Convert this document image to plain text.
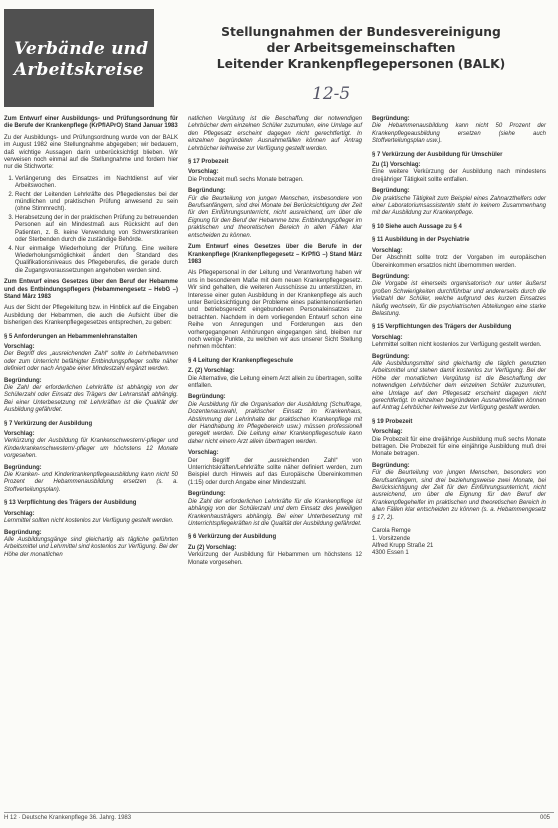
Verbände und
Arbeitskreise
Stellungnahmen der Bundesvereinigung
der Arbeitsgemeinschaften
Leitender Krankenpflegepersonen (BALK)
12-5

Zum Entwurf einer Ausbildungs- und Prüfungsordnung für die Berufe der Krankenpflege (KrPflAPrO) Stand Januar 1983

Zu der Ausbildungs- und Prüfungsordnung wurde von der BALK im August 1982 eine Stellungnahme abgegeben; wir bedauern, daß wichtige Aussagen darin unberücksichtigt blieben. Wir verweisen noch einmal auf die Stellungnahme und fordern hier nur die Stichworte:

1. Verlängerung des Einsatzes im Nachtdienst auf vier Arbeitswochen.
2. Recht der Leitenden Lehrkräfte des Pflegedienstes bei der mündlichen und praktischen Prüfung anwesend zu sein (ohne Stimmrecht).
3. Herabsetzung der in der praktischen Prüfung zu betreuenden Personen auf ein Mindestmaß aus Rücksicht auf den Patienten, z. B. keine Verwendung von Schwerstkranken oder Sterbenden durch die zuständige Behörde.
4. Nur einmalige Wiederholung der Prüfung. Eine weitere Wiederholungsmöglichkeit ändert den Standard des Qualifikationsniveaus des Pflegeberufes, die gerade durch die Zugangsvoraussetzungen angehoben werden sind.

Zum Entwurf eines Gesetzes über den Beruf der Hebamme und des Entbindungspflegers (Hebammengesetz – HebG –) Stand März 1983

Aus der Sicht der Pflegeleitung bzw. in Hinblick auf die Eingaben Ausbildung der Hebammen, die auch die Aufsicht über die bisherigen des Krankenpflegegesetzes entsprechen, zu geben:

§ 5 Anforderungen an Hebammenlehranstalten

Vorschlag:

Der Begriff des „ausreichenden Zahl“ sollte in Lehrhebammen oder zum Unterricht befähigter Entbindungspfleger sollte näher definiert oder nach Angabe einer Mindestzahl ergänzt werden.

Begründung:

Die Zahl der erforderlichen Lehrkräfte ist abhängig von der Schülerzahl oder Einsatz des Trägers der Lehranstalt abhängig. Bei einer Unterbesetzung mit Lehrkräften ist die Qualität der Ausbildung gefährdet.

§ 7 Verkürzung der Ausbildung

Vorschlag:

Verkürzung der Ausbildung für Krankenschwestern/-pfleger und Kinderkrankenschwestern/-pfleger um höchstens 12 Monate vorgesehen.

Begründung:

Die Kranken- und Kinderkrankenpflegeausbildung kann nicht 50 Prozent der Hebammenausbildung ersetzen (s. a. Stoffverteilungsplan).

§ 13 Verpflichtung des Trägers der Ausbildung

Vorschlag:

Lernmittel sollten nicht kostenlos zur Verfügung gestellt werden.

Begründung:

Alle Ausbildungsgänge sind gleichartig als tägliche geführten Arbeitsmittel und Lehrmittel sind kostenlos zur Verfügung. Bei der Höhe der monatlichen

natlichen Vergütung ist die Beschaffung der notwendigen Lehrbücher dem einzelnen Schüler zuzumuten, eine Umlage auf den Pflegesatz erscheint dagegen nicht gerechtfertigt. In einzelnen begründeten Ausnahmefällen können auf Antrag Lehrbücher leihweise zur Verfügung gestellt werden.

§ 17 Probezeit

Vorschlag:

Die Probezeit muß sechs Monate betragen.

Begründung:

Für die Beurteilung von jungen Menschen, insbesondere von Berufsanfängern, sind drei Monate bei Berücksichtigung der Zeit für den Einführungsunterricht, nicht ausreichend, um über die Eignung für den Beruf der Hebamme bzw. Entbindungspfleger im praktischen und theoretischen Bereich in allen Fällen klar entscheiden zu können.

Zum Entwurf eines Gesetzes über die Berufe in der Krankenpflege (Krankenpflegegesetz – KrPflG –) Stand März 1983

Als Pflegepersonal in der Leitung und Verantwortung haben wir uns in besonderem Maße mit dem neuen Krankenpflegegesetz. Wir sind gehalten, die weiteren Ausschüsse zu unterstützen, im Interesse einer guten Ausbildung in der Krankenpflege als auch unter Berücksichtigung der Probleme eines patientenorientierten und betriebsgerecht eingebundenen Personaleinsatzes zu betrachten. Nachdem in dem vorliegenden Entwurf schon eine Reihe von Anregungen und Forderungen aus den vorhergegangenen Anhörungen eingegangen sind, bleiben nur noch wenige Punkte, zu welchen wir aus unserer Sicht Stellung nehmen möchten:

§ 4 Leitung der Krankenpflegeschule

Z. (2) Vorschlag:

Die Alternative, die Leitung einem Arzt allein zu übertragen, sollte entfallen.

Begründung:

Die Ausbildung für die Organisation der Ausbildung (Schulfrage, Dozentenauswahl, praktischer Einsatz im Krankenhaus, Abstimmung der Lehrinhalte der praktischen Krankenpflege mit der Handhabung im Pflegebereich usw.) müssen professionell geregelt werden. Die Leitung einer Krankenpflegeschule kann daher nicht einem Arzt allein übertragen werden.

Vorschlag:

Der Begriff der „ausreichenden Zahl“ von Unterrichtskräften/Lehrkräfte sollte näher definiert werden, zum Beispiel durch Hinweis auf das Europäische Übereinkommen (1:15) oder durch Angabe einer Mindestzahl.

Begründung:

Die Zahl der erforderlichen Lehrkräfte für die Krankenpflege ist abhängig von der Schülerzahl und dem Einsatz des jeweiligen Krankenhausträgers abhängig. Bei einer Unterbesetzung mit Unterrichtspflegekräften ist die Qualität der Ausbildung gefährdet.

§ 6 Verkürzung der Ausbildung

Zu (2) Vorschlag:

Verkürzung der Ausbildung für Hebammen um höchstens 12 Monate vorgesehen.

Begründung:

Die Hebammenausbildung kann nicht 50 Prozent der Krankenpflegeausbildung ersetzen (siehe auch Stoffverteilungsplan usw.).

§ 7 Verkürzung der Ausbildung für Umschüler

Zu (1) Vorschlag:

Eine weitere Verkürzung der Ausbildung nach mindestens dreijähriger Tätigkeit sollte entfallen.

Begründung:

Die praktische Tätigkeit zum Beispiel eines Zahnarzthelfers oder einer Laboratoriumsassistentin steht in keinem Zusammenhang mit der Ausbildung zur Krankenpflege.

§ 10 Siehe auch Aussage zu § 4

§ 11 Ausbildung in der Psychiatrie

Vorschlag:

Der Abschnitt sollte trotz der Vorgaben im europäischen Übereinkommen ersatzlos nicht übernommen werden.

Begründung:

Die Vorgabe ist einerseits organisatorisch nur unter äußerst großen Schwierigkeiten durchführbar und andererseits durch die Vielzahl der Schüler, welche aufgrund des kurzen Einsatzes häufig wechseln, für die psychiatrischen Abteilungen eine starke Belastung.

§ 15 Verpflichtungen des Trägers der Ausbildung

Vorschlag:

Lehrmittel sollten nicht kostenlos zur Verfügung gestellt werden.

Begründung:

Alle Ausbildungsmittel sind gleichartig die täglich genutzten Arbeitsmittel und stehen damit kostenlos zur Verfügung. Bei der Höhe der monatlichen Vergütung ist die Beschaffung der notwendigen Lehrbücher dem einzelnen Schüler zuzumuten, eine Umlage auf den Pflegesatz erscheint dagegen nicht gerechtfertigt. In einzelnen begründeten Ausnahmefällen können auf Antrag Lehrbücher leihweise zur Verfügung gestellt werden.

§ 19 Probezeit

Vorschlag:

Die Probezeit für eine dreijährige Ausbildung muß sechs Monate betragen. Die Probezeit für eine einjährige Ausbildung muß drei Monate betragen.

Begründung:

Für die Beurteilung von jungen Menschen, besonders von Berufsanfängern, sind drei beziehungsweise zwei Monate, bei Berücksichtigung der Zeit für den Einführungsunterricht, nicht ausreichend, um über die Eignung für den Beruf der Krankenpflegehelfer im praktischen und theoretischen Bereich in allen Fällen klar entscheiden zu können (s. a. Hebammengesetz § 17, 2).

Carola Remge
1. Vorsitzende
Alfred Krupp Straße 21
4300 Essen 1
H 12 · Deutsche Krankenpflege 36. Jahrg. 1983	005
